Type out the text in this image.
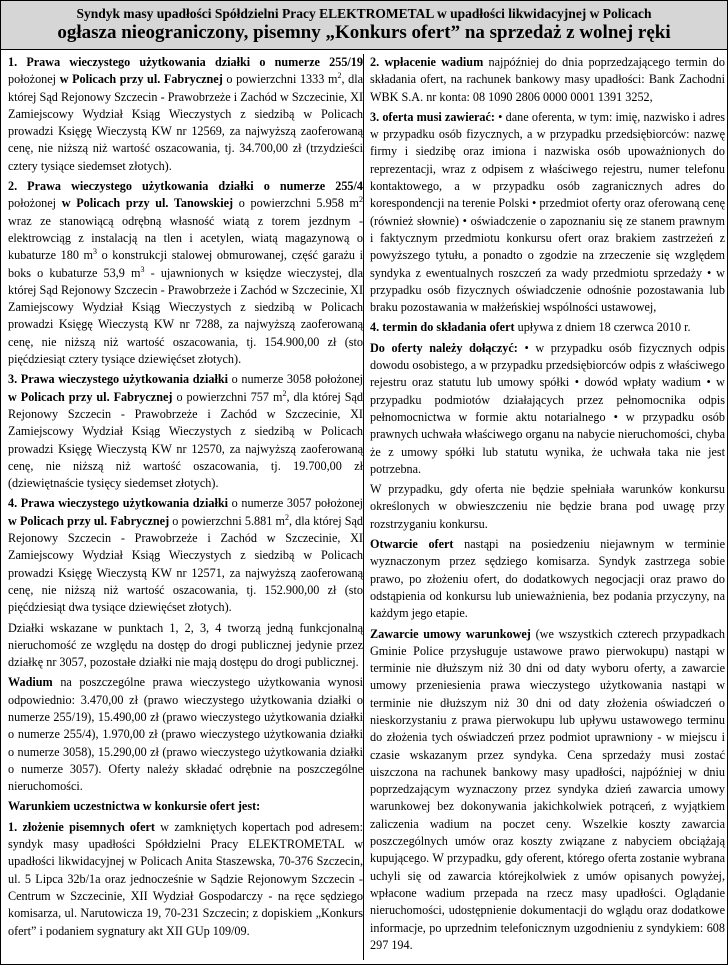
Syndyk masy upadłości Spółdzielni Pracy ELEKTROMETAL w upadłości likwidacyjnej w Policach
ogłasza nieograniczony, pisemny „Konkurs ofert” na sprzedaż z wolnej ręki

1. Prawa wieczystego użytkowania działki o numerze 255/19 położonej w Policach przy ul. Fabrycznej o powierzchni 1333 $m^2$, dla której Sąd Rejonowy Szczecin - Prawobrzeże i Zachód w Szczecinie, XI Zamiejscowy Wydział Ksiąg Wieczystych z siedzibą w Policach prowadzi Księgę Wieczystą KW nr 12569, za najwyższą zaoferowaną cenę, nie niższą niż wartość oszacowania, tj. 34.700,00 zł (trzydzieści cztery tysiące siedemset złotych).

2. Prawa wieczystego użytkowania działki o numerze 255/4 położonej w Policach przy ul. Tanowskiej o powierzchni 5.958 $m^2$ wraz ze stanowiącą odrębną własność wiatą z torem jezdnym - elektrowciąg z instalacją na tlen i acetylen, wiatą magazynową o kubaturze 180 $m^3$ o konstrukcji stalowej obmurowanej, część garażu i boks o kubaturze 53,9 $m^3$ - ujawnionych w księdze wieczystej, dla której Sąd Rejonowy Szczecin - Prawobrzeże i Zachód w Szczecinie, XI Zamiejscowy Wydział Ksiąg Wieczystych z siedzibą w Policach prowadzi Księgę Wieczystą KW nr 7288, za najwyższą zaoferowaną cenę, nie niższą niż wartość oszacowania, tj. 154.900,00 zł (sto pięćdziesiąt cztery tysiące dziewięćset złotych).

3. Prawa wieczystego użytkowania działki o numerze 3058 położonej w Policach przy ul. Fabrycznej o powierzchni 757 $m^2$, dla której Sąd Rejonowy Szczecin - Prawobrzeże i Zachód w Szczecinie, XI Zamiejscowy Wydział Ksiąg Wieczystych z siedzibą w Policach prowadzi Księgę Wieczystą KW nr 12570, za najwyższą zaoferowaną cenę, nie niższą niż wartość oszacowania, tj. 19.700,00 zł (dziewiętnaście tysięcy siedemset złotych).

4. Prawa wieczystego użytkowania działki o numerze 3057 położonej w Policach przy ul. Fabrycznej o powierzchni 5.881 $m^2$, dla której Sąd Rejonowy Szczecin - Prawobrzeże i Zachód w Szczecinie, XI Zamiejscowy Wydział Ksiąg Wieczystych z siedzibą w Policach prowadzi Księgę Wieczystą KW nr 12571, za najwyższą zaoferowaną cenę, nie niższą niż wartość oszacowania, tj. 152.900,00 zł (sto pięćdziesiąt dwa tysiące dziewięćset złotych).

Działki wskazane w punktach 1, 2, 3, 4 tworzą jedną funkcjonalną nieruchomość ze względu na dostęp do drogi publicznej jedynie przez działkę nr 3057, pozostałe działki nie mają dostępu do drogi publicznej.

Wadium na poszczególne prawa wieczystego użytkowania wynosi odpowiednio: 3.470,00 zł (prawo wieczystego użytkowania działki o numerze 255/19), 15.490,00 zł (prawo wieczystego użytkowania działki o numerze 255/4), 1.970,00 zł (prawo wieczystego użytkowania działki o numerze 3058), 15.290,00 zł (prawo wieczystego użytkowania działki o numerze 3057). Oferty należy składać odrębnie na poszczególne nieruchomości.

Warunkiem uczestnictwa w konkursie ofert jest:

1. złożenie pisemnych ofert w zamkniętych kopertach pod adresem: syndyk masy upadłości Spółdzielni Pracy ELEKTROMETAL w upadłości likwidacyjnej w Policach Anita Staszewska, 70-376 Szczecin, ul. 5 Lipca 32b/1a oraz jednocześnie w Sądzie Rejonowym Szczecin - Centrum w Szczecinie, XII Wydział Gospodarczy - na ręce sędziego komisarza, ul. Narutowicza 19, 70-231 Szczecin; z dopiskiem „Konkurs ofert” i podaniem sygnatury akt XII GUp 109/09.

2. wpłacenie wadium najpóźniej do dnia poprzedzającego termin do składania ofert, na rachunek bankowy masy upadłości: Bank Zachodni WBK S.A. nr konta: 08 1090 2806 0000 0001 1391 3252,

3. oferta musi zawierać: • dane oferenta, w tym: imię, nazwisko i adres w przypadku osób fizycznych, a w przypadku przedsiębiorców: nazwę firmy i siedzibę oraz imiona i nazwiska osób upoważnionych do reprezentacji, wraz z odpisem z właściwego rejestru, numer telefonu kontaktowego, a w przypadku osób zagranicznych adres do korespondencji na terenie Polski • przedmiot oferty oraz oferowaną cenę (również słownie) • oświadczenie o zapoznaniu się ze stanem prawnym i faktycznym przedmiotu konkursu ofert oraz brakiem zastrzeżeń z powyższego tytułu, a ponadto o zgodzie na zrzeczenie się względem syndyka z ewentualnych roszczeń za wady przedmiotu sprzedaży • w przypadku osób fizycznych oświadczenie odnośnie pozostawania lub braku pozostawania w małżeńskiej wspólności ustawowej,

4. termin do składania ofert upływa z dniem 18 czerwca 2010 r.

Do oferty należy dołączyć: • w przypadku osób fizycznych odpis dowodu osobistego, a w przypadku przedsiębiorców odpis z właściwego rejestru oraz statutu lub umowy spółki • dowód wpłaty wadium • w przypadku podmiotów działających przez pełnomocnika odpis pełnomocnictwa w formie aktu notarialnego • w przypadku osób prawnych uchwała właściwego organu na nabycie nieruchomości, chyba że z umowy spółki lub statutu wynika, że uchwała taka nie jest potrzebna.

W przypadku, gdy oferta nie będzie spełniała warunków konkursu określonych w obwieszczeniu nie będzie brana pod uwagę przy rozstrzyganiu konkursu.

Otwarcie ofert nastąpi na posiedzeniu niejawnym w terminie wyznaczonym przez sędziego komisarza. Syndyk zastrzega sobie prawo, po złożeniu ofert, do dodatkowych negocjacji oraz prawo do odstąpienia od konkursu lub unieważnienia, bez podania przyczyny, na każdym jego etapie.

Zawarcie umowy warunkowej (we wszystkich czterech przypadkach Gminie Police przysługuje ustawowe prawo pierwokupu) nastąpi w terminie nie dłuższym niż 30 dni od daty wyboru oferty, a zawarcie umowy przeniesienia prawa wieczystego użytkowania nastąpi w terminie nie dłuższym niż 30 dni od daty złożenia oświadczeń o nieskorzystaniu z prawa pierwokupu lub upływu ustawowego terminu do złożenia tych oświadczeń przez podmiot uprawniony - w miejscu i czasie wskazanym przez syndyka. Cena sprzedaży musi zostać uiszczona na rachunek bankowy masy upadłości, najpóźniej w dniu poprzedzającym wyznaczony przez syndyka dzień zawarcia umowy warunkowej bez dokonywania jakichkolwiek potrąceń, z wyjątkiem zaliczenia wadium na poczet ceny. Wszelkie koszty zawarcia poszczególnych umów oraz koszty związane z nabyciem obciążają kupującego. W przypadku, gdy oferent, którego oferta zostanie wybrana uchyli się od zawarcia którejkolwiek z umów opisanych powyżej, wpłacone wadium przepada na rzecz masy upadłości. Oglądanie nieruchomości, udostępnienie dokumentacji do wglądu oraz dodatkowe informacje, po uprzednim telefonicznym uzgodnieniu z syndykiem: 608 297 194.
